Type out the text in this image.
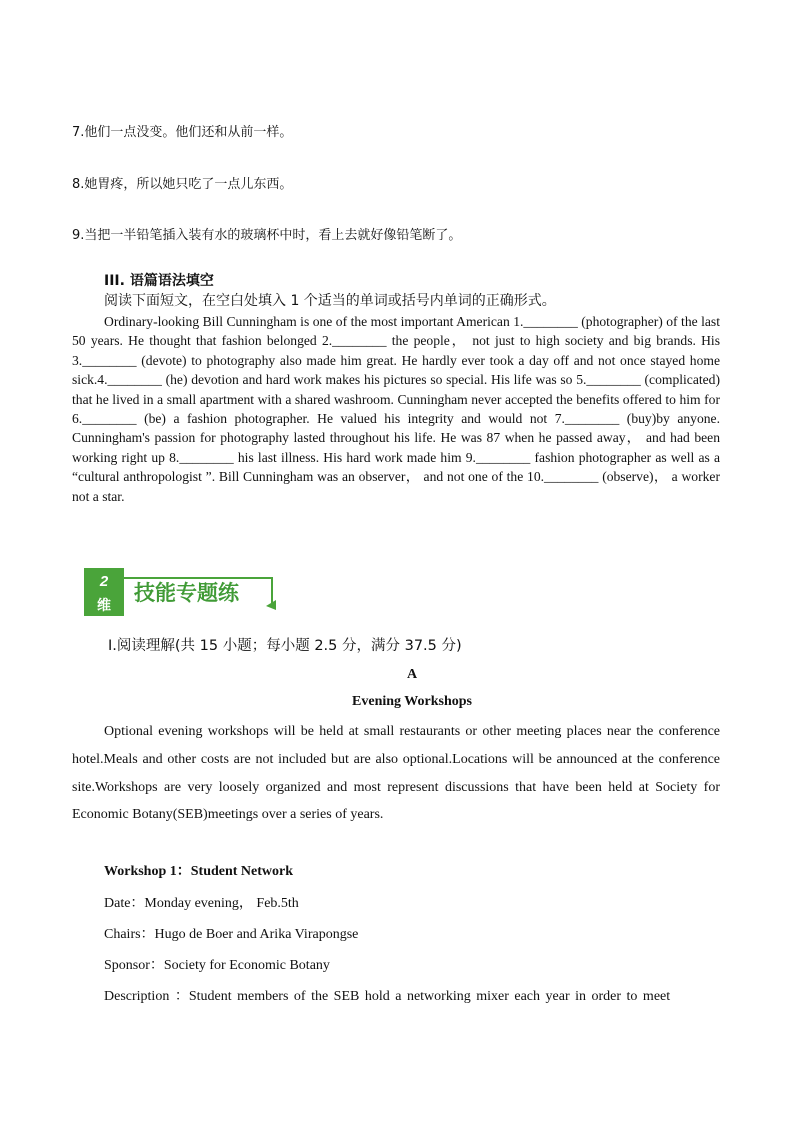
7.他们一点没变。他们还和从前一样。
8.她胃疼，所以她只吃了一点儿东西。
9.当把一半铅笔插入装有水的玻璃杯中时，看上去就好像铅笔断了。
III. 语篇语法填空
阅读下面短文，在空白处填入 1 个适当的单词或括号内单词的正确形式。
Ordinary-looking Bill Cunningham is one of the most important American 1.________ (photographer) of the last 50 years. He thought that fashion belonged 2.________ the people， not just to high society and big brands. His 3.________ (devote) to photography also made him great. He hardly ever took a day off and not once stayed home sick.4.________ (he) devotion and hard work makes his pictures so special. His life was so 5.________ (complicated) that he lived in a small apartment with a shared washroom. Cunningham never accepted the benefits offered to him for 6.________ (be) a fashion photographer. He valued his integrity and would not 7.________ (buy)by anyone. Cunningham's passion for photography lasted throughout his life. He was 87 when he passed away， and had been working right up 8.________ his last illness. His hard work made him 9.________ fashion photographer as well as a “cultural anthropologist ”. Bill Cunningham was an observer， and not one of the 10.________ (observe)， a worker not a star.
2
维
技能专题练
Ⅰ.阅读理解(共 15 小题；每小题 2.5 分，满分 37.5 分)
A
Evening Workshops
Optional evening workshops will be held at small restaurants or other meeting places near the conference hotel.Meals and other costs are not included but are also optional.Locations will be announced at the conference site.Workshops are very loosely organized and most represent discussions that have been held at Society for Economic Botany(SEB)meetings over a series of years.
Workshop 1：Student Network
Date：Monday evening， Feb.5th
Chairs：Hugo de Boer and Arika Virapongse
Sponsor：Society for Economic Botany
Description ：Student members of the SEB hold a networking mixer each year in order to meet
